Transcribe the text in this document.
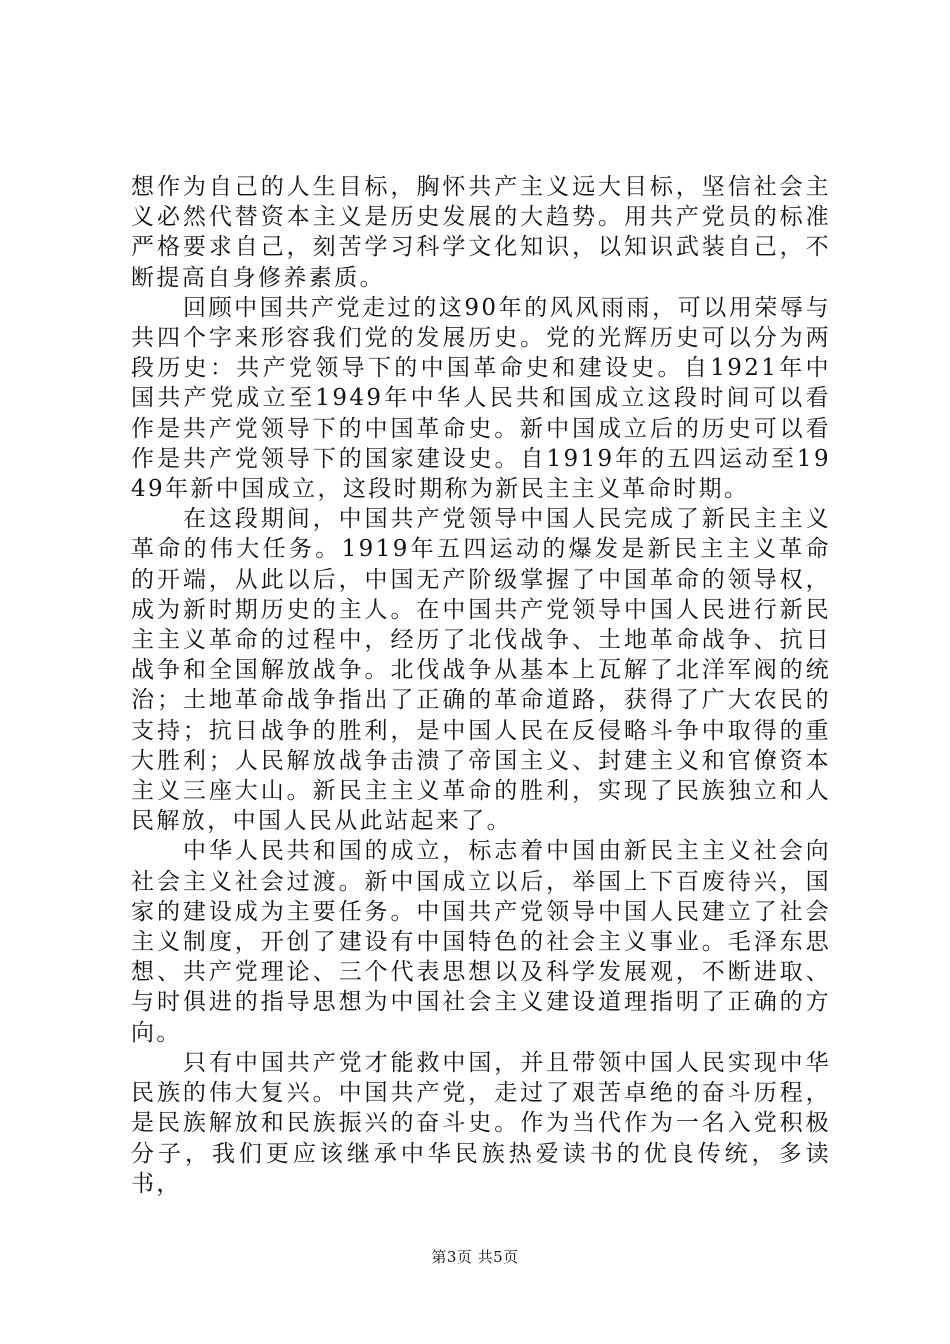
想作为自己的人生目标，胸怀共产主义远大目标，坚信社会主义必然代替资本主义是历史发展的大趋势。用共产党员的标准严格要求自己，刻苦学习科学文化知识，以知识武装自己，不断提高自身修养素质。

回顾中国共产党走过的这90年的风风雨雨，可以用荣辱与共四个字来形容我们党的发展历史。党的光辉历史可以分为两段历史：共产党领导下的中国革命史和建设史。自1921年中国共产党成立至1949年中华人民共和国成立这段时间可以看作是共产党领导下的中国革命史。新中国成立后的历史可以看作是共产党领导下的国家建设史。自1919年的五四运动至1949年新中国成立，这段时期称为新民主主义革命时期。

在这段期间，中国共产党领导中国人民完成了新民主主义革命的伟大任务。1919年五四运动的爆发是新民主主义革命的开端，从此以后，中国无产阶级掌握了中国革命的领导权，成为新时期历史的主人。在中国共产党领导中国人民进行新民主主义革命的过程中，经历了北伐战争、土地革命战争、抗日战争和全国解放战争。北伐战争从基本上瓦解了北洋军阀的统治；土地革命战争指出了正确的革命道路，获得了广大农民的支持；抗日战争的胜利，是中国人民在反侵略斗争中取得的重大胜利；人民解放战争击溃了帝国主义、封建主义和官僚资本主义三座大山。新民主主义革命的胜利，实现了民族独立和人民解放，中国人民从此站起来了。

中华人民共和国的成立，标志着中国由新民主主义社会向社会主义社会过渡。新中国成立以后，举国上下百废待兴，国家的建设成为主要任务。中国共产党领导中国人民建立了社会主义制度，开创了建设有中国特色的社会主义事业。毛泽东思想、共产党理论、三个代表思想以及科学发展观，不断进取、与时俱进的指导思想为中国社会主义建设道理指明了正确的方向。

只有中国共产党才能救中国，并且带领中国人民实现中华民族的伟大复兴。中国共产党，走过了艰苦卓绝的奋斗历程，是民族解放和民族振兴的奋斗史。作为当代作为一名入党积极分子，我们更应该继承中华民族热爱读书的优良传统，多读书，

第3页 共5页
